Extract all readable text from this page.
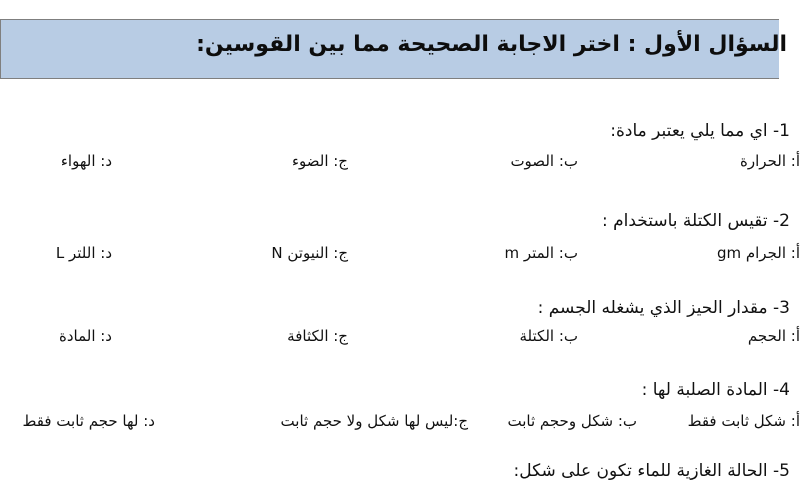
السؤال الأول : اختر الاجابة الصحيحة مما بين القوسين:
1- اي مما يلي يعتبر مادة:
أ: الحرارة
ب: الصوت
ج: الضوء
د: الهواء
2- تقيس الكتلة باستخدام :
أ: الجرام gm
ب: المتر m
ج: النيوتن N
د: اللتر L
3- مقدار الحيز الذي يشغله الجسم :
أ: الحجم
ب: الكتلة
ج: الكثافة
د: المادة
4- المادة الصلبة لها :
أ: شكل ثابت فقط
ب: شكل وحجم ثابت
ج:ليس لها شكل ولا حجم ثابت
د: لها حجم ثابت فقط
5- الحالة الغازية للماء تكون على شكل:
